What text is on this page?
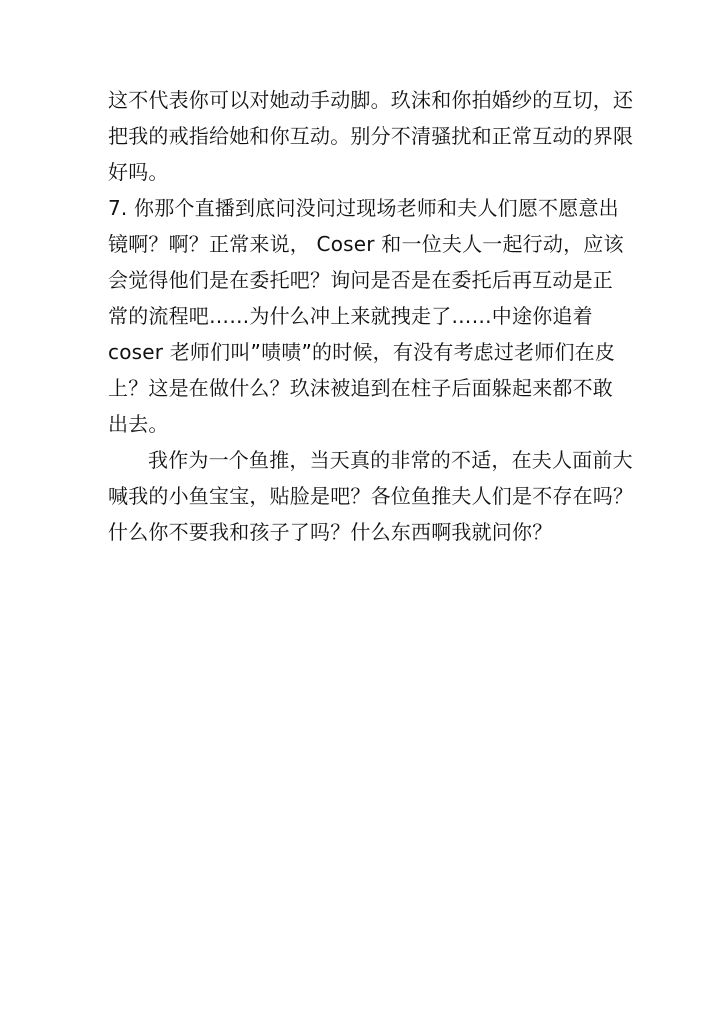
这不代表你可以对她动手动脚。玖沫和你拍婚纱的互切，还
把我的戒指给她和你互动。别分不清骚扰和正常互动的界限
好吗。
7. 你那个直播到底问没问过现场老师和夫人们愿不愿意出
镜啊？啊？正常来说， Coser 和一位夫人一起行动，应该
会觉得他们是在委托吧？询问是否是在委托后再互动是正
常的流程吧……为什么冲上来就拽走了……中途你追着
coser 老师们叫”啧啧”的时候，有没有考虑过老师们在皮
上？这是在做什么？玖沫被追到在柱子后面躲起来都不敢
出去。
我作为一个鱼推，当天真的非常的不适，在夫人面前大
喊我的小鱼宝宝，贴脸是吧？各位鱼推夫人们是不存在吗？
什么你不要我和孩子了吗？什么东西啊我就问你？
